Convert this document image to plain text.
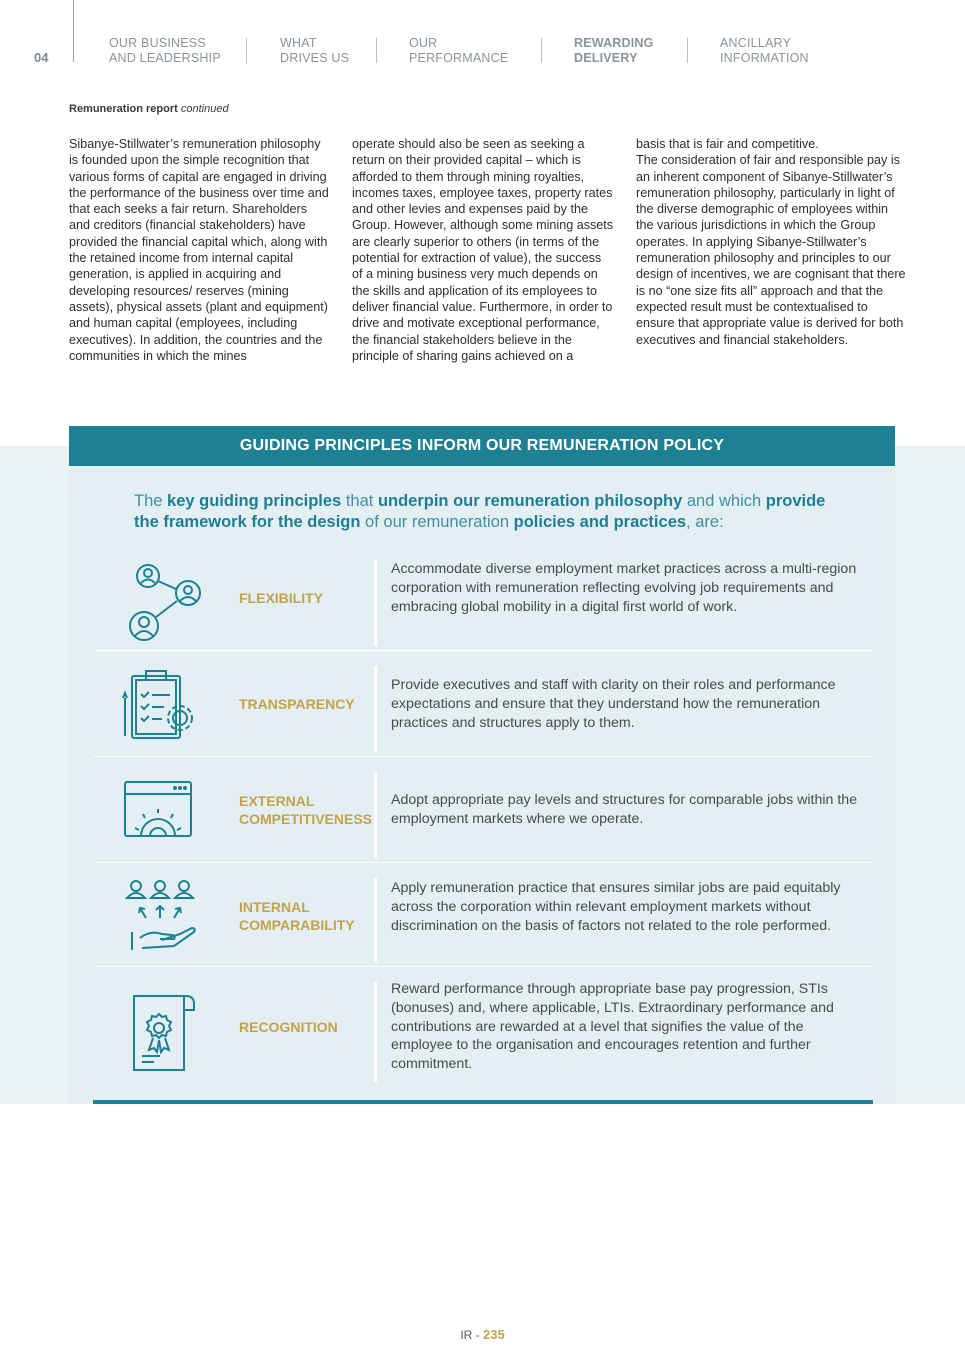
04
OUR BUSINESS
AND LEADERSHIP
WHAT
DRIVES US
OUR
PERFORMANCE
REWARDING
DELIVERY
ANCILLARY
INFORMATION
Remuneration report continued

Sibanye-Stillwater’s remuneration philosophy is founded upon the simple recognition that various forms of capital are engaged in driving the performance of the business over time and that each seeks a fair return. Shareholders and creditors (financial stakeholders) have provided the financial capital which, along with the retained income from internal capital generation, is applied in acquiring and developing resources/ reserves (mining assets), physical assets (plant and equipment) and human capital (employees, including executives). In addition, the countries and the communities in which the mines

operate should also be seen as seeking a return on their provided capital – which is afforded to them through mining royalties, incomes taxes, employee taxes, property rates and other levies and expenses paid by the Group. However, although some mining assets are clearly superior to others (in terms of the potential for extraction of value), the success of a mining business very much depends on the skills and application of its employees to deliver financial value. Furthermore, in order to drive and motivate exceptional performance, the financial stakeholders believe in the principle of sharing gains achieved on a

basis that is fair and competitive.

The consideration of fair and responsible pay is an inherent component of Sibanye-Stillwater’s remuneration philosophy, particularly in light of the diverse demographic of employees within the various jurisdictions in which the Group operates. In applying Sibanye-Stillwater’s remuneration philosophy and principles to our design of incentives, we are cognisant that there is no “one size fits all” approach and that the expected result must be contextualised to ensure that appropriate value is derived for both executives and financial stakeholders.

GUIDING PRINCIPLES INFORM OUR REMUNERATION POLICY
The key guiding principles that underpin our remuneration philosophy and which provide the framework for the design of our remuneration policies and practices, are:
FLEXIBILITY
Accommodate diverse employment market practices across a multi-region corporation with remuneration reflecting evolving job requirements and embracing global mobility in a digital first world of work.
TRANSPARENCY
Provide executives and staff with clarity on their roles and performance expectations and ensure that they understand how the remuneration practices and structures apply to them.
EXTERNAL
COMPETITIVENESS
Adopt appropriate pay levels and structures for comparable jobs within the employment markets where we operate.
INTERNAL
COMPARABILITY
Apply remuneration practice that ensures similar jobs are paid equitably across the corporation within relevant employment markets without discrimination on the basis of factors not related to the role performed.
RECOGNITION
Reward performance through appropriate base pay progression, STIs (bonuses) and, where applicable, LTIs. Extraordinary performance and contributions are rewarded at a level that signifies the value of the employee to the organisation and encourages retention and further commitment.
IR - 235
